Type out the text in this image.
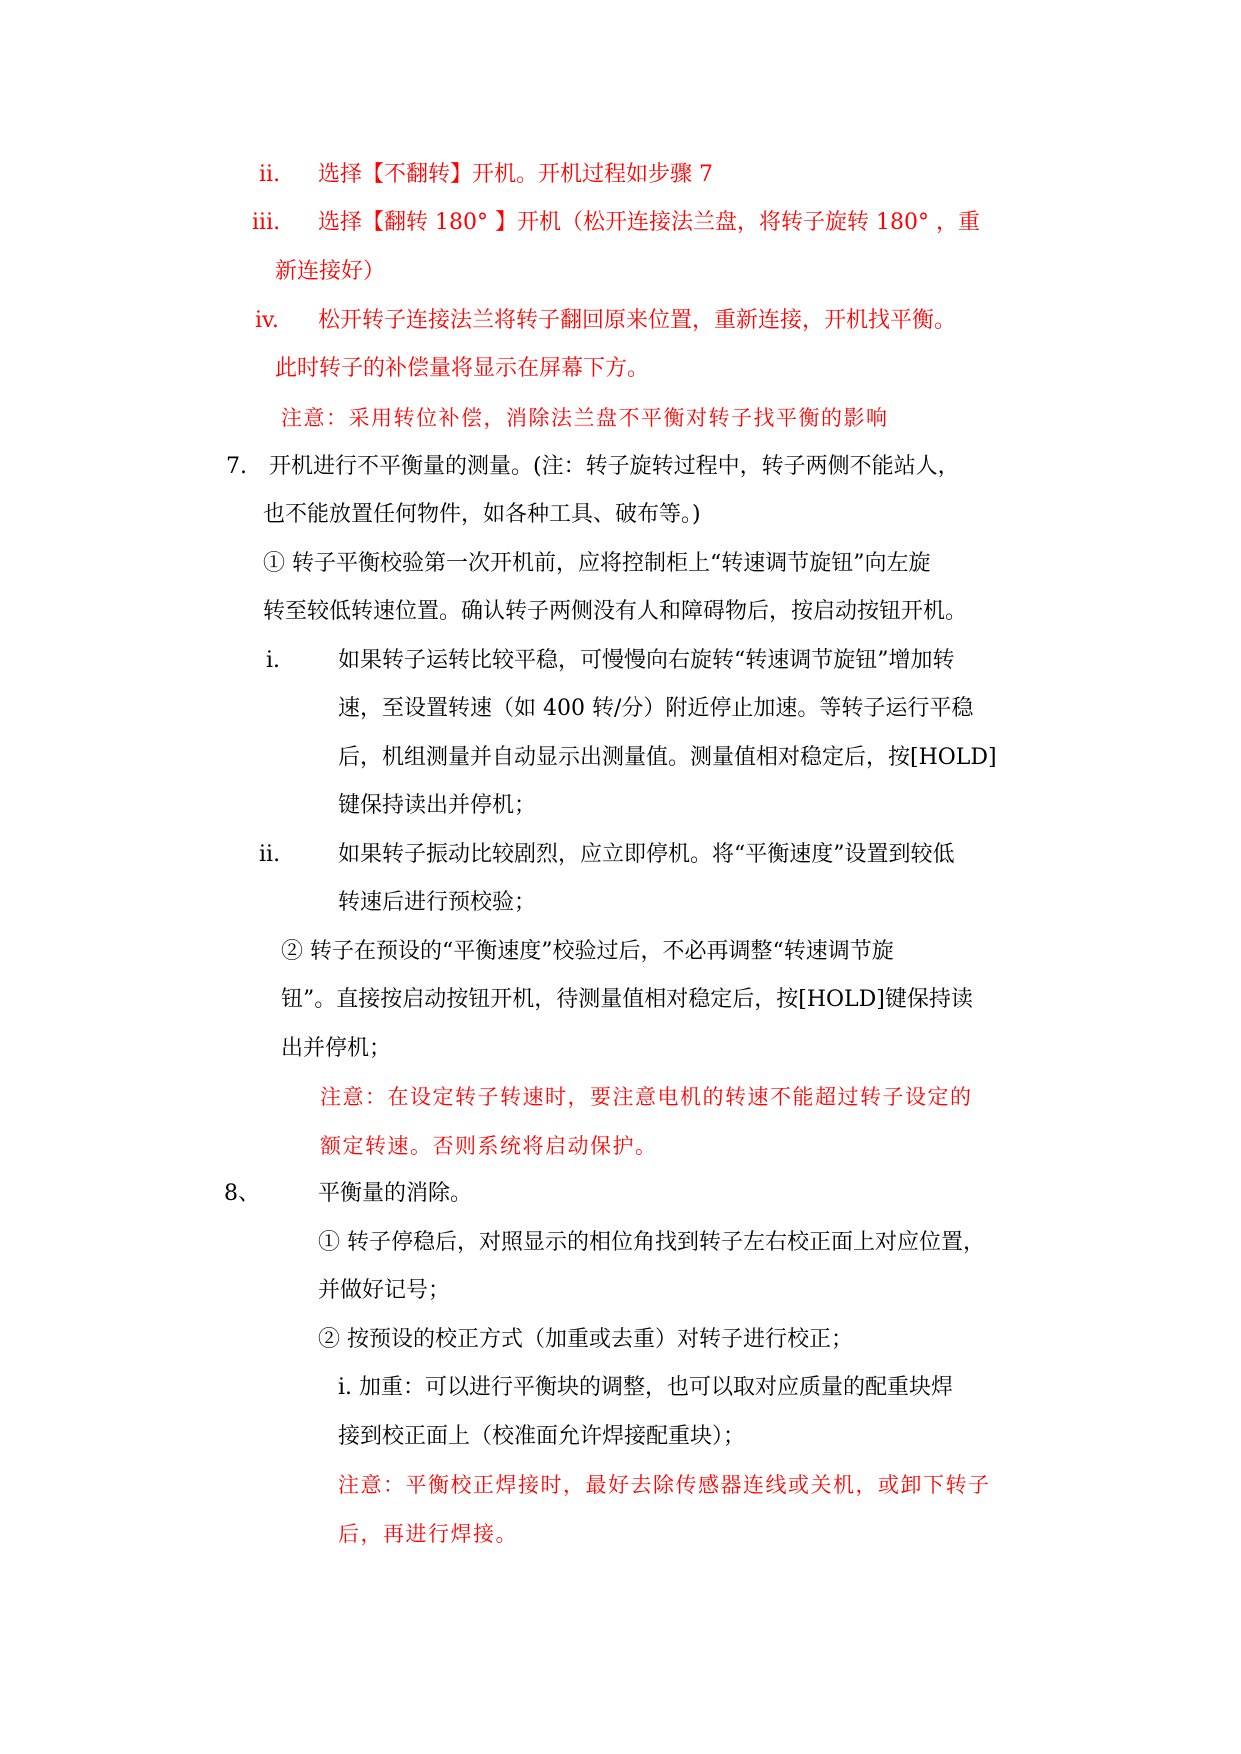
ii. 选择【不翻转】开机。开机过程如步骤 7
iii. 选择【翻转 180° 】开机（松开连接法兰盘，将转子旋转 180° ，重
新连接好）
iv. 松开转子连接法兰将转子翻回原来位置，重新连接，开机找平衡。
此时转子的补偿量将显示在屏幕下方。
注意：采用转位补偿，消除法兰盘不平衡对转子找平衡的影响
7. 开机进行不平衡量的测量。(注：转子旋转过程中，转子两侧不能站人，
也不能放置任何物件，如各种工具、破布等。)
① 转子平衡校验第一次开机前，应将控制柜上“转速调节旋钮”向左旋
转至较低转速位置。确认转子两侧没有人和障碍物后，按启动按钮开机。
i.	如果转子运转比较平稳，可慢慢向右旋转“转速调节旋钮”增加转
速，至设置转速（如 400 转/分）附近停止加速。等转子运行平稳
后，机组测量并自动显示出测量值。测量值相对稳定后，按[HOLD]
键保持读出并停机；
ii.	如果转子振动比较剧烈，应立即停机。将“平衡速度”设置到较低
转速后进行预校验；
② 转子在预设的“平衡速度”校验过后，不必再调整“转速调节旋
钮”。直接按启动按钮开机，待测量值相对稳定后，按[HOLD]键保持读
出并停机；
注意：在设定转子转速时，要注意电机的转速不能超过转子设定的
额定转速。否则系统将启动保护。
8、	平衡量的消除。
① 转子停稳后，对照显示的相位角找到转子左右校正面上对应位置，
并做好记号；
② 按预设的校正方式（加重或去重）对转子进行校正；
i. 加重：可以进行平衡块的调整，也可以取对应质量的配重块焊
接到校正面上（校准面允许焊接配重块）；
注意：平衡校正焊接时，最好去除传感器连线或关机，或卸下转子
后，再进行焊接。
